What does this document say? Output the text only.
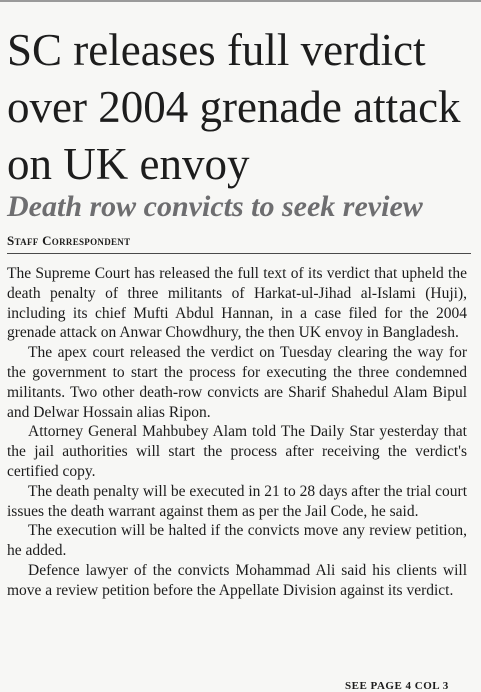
SC releases full verdict over 2004 grenade attack on UK envoy
Death row convicts to seek review
Staff Correspondent

The Supreme Court has released the full text of its verdict that upheld the death penalty of three militants of Harkat-ul-Jihad al-Islami (Huji), including its chief Mufti Abdul Hannan, in a case filed for the 2004 grenade attack on Anwar Chowdhury, the then UK envoy in Bangladesh.

The apex court released the verdict on Tuesday clearing the way for the government to start the process for executing the three condemned militants. Two other death-row convicts are Sharif Shahedul Alam Bipul and Delwar Hossain alias Ripon.

Attorney General Mahbubey Alam told The Daily Star yesterday that the jail authorities will start the process after receiving the verdict's certified copy.

The death penalty will be executed in 21 to 28 days after the trial court issues the death warrant against them as per the Jail Code, he said.

The execution will be halted if the convicts move any review petition, he added.

Defence lawyer of the convicts Mohammad Ali said his clients will move a review petition before the Appellate Division against its verdict.

SEE PAGE 4 COL 3
